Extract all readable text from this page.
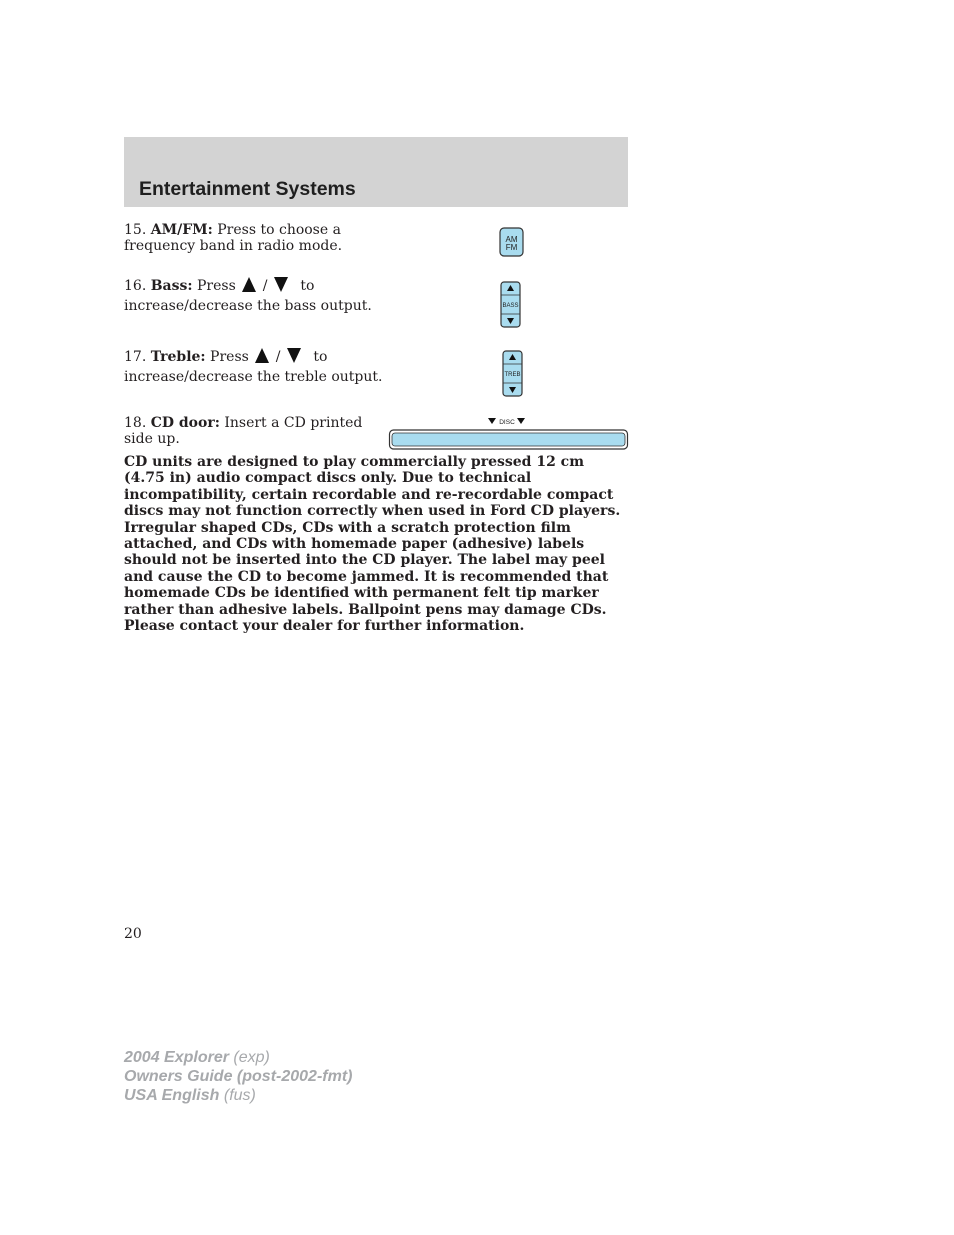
Entertainment Systems
15. AM/FM: Press to choose a frequency band in radio mode.	AM
FM
16. Bass: Press / to
increase/decrease the bass output.	BASS
17. Treble: Press / to
increase/decrease the treble output.	TREB
18. CD door: Insert a CD printed side up.
DISC
CD units are designed to play commercially pressed 12 cm (4.75 in) audio compact discs only. Due to technical incompatibility, certain recordable and re-recordable compact discs may not function correctly when used in Ford CD players. Irregular shaped CDs, CDs with a scratch protection film attached, and CDs with homemade paper (adhesive) labels should not be inserted into the CD player. The label may peel and cause the CD to become jammed. It is recommended that homemade CDs be identified with permanent felt tip marker rather than adhesive labels. Ballpoint pens may damage CDs. Please contact your dealer for further information.
20
2004 Explorer (exp)
Owners Guide (post-2002-fmt)
USA English (fus)
